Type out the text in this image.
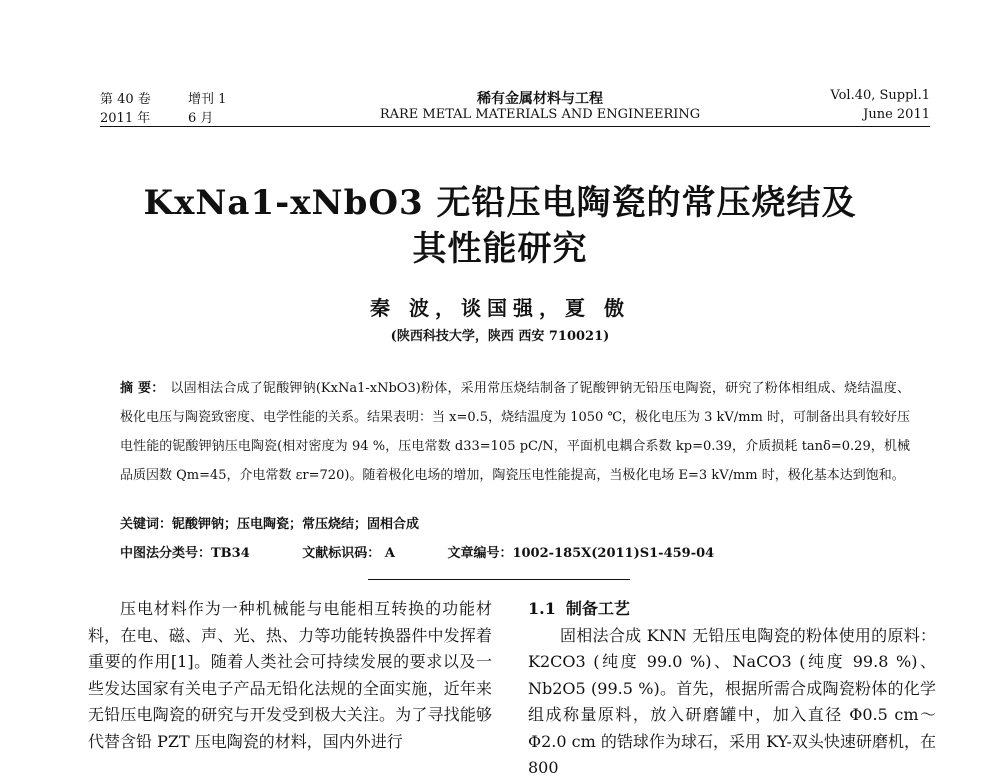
第 40 卷	增刊 1
2011 年	6 月
稀有金属材料与工程
RARE METAL MATERIALS AND ENGINEERING
Vol.40, Suppl.1
June 2011
KxNa1-xNbO3 无铅压电陶瓷的常压烧结及
其性能研究
秦 波，谈国强，夏 傲
(陕西科技大学，陕西 西安 710021)
摘 要： 以固相法合成了铌酸钾钠(KxNa1-xNbO3)粉体，采用常压烧结制备了铌酸钾钠无铅压电陶瓷，研究了粉体相组成、烧结温度、极化电压与陶瓷致密度、电学性能的关系。结果表明：当 x=0.5，烧结温度为 1050 ℃，极化电压为 3 kV/mm 时，可制备出具有较好压电性能的铌酸钾钠压电陶瓷(相对密度为 94 %，压电常数 d33=105 pC/N，平面机电耦合系数 kp=0.39，介质损耗 tanδ=0.29，机械品质因数 Qm=45，介电常数 εr=720)。随着极化电场的增加，陶瓷压电性能提高，当极化电场 E=3 kV/mm 时，极化基本达到饱和。
关键词：铌酸钾钠；压电陶瓷；常压烧结；固相合成
中图法分类号：TB34	文献标识码： A	文章编号：1002-185X(2011)S1-459-04
压电材料作为一种机械能与电能相互转换的功能材料，在电、磁、声、光、热、力等功能转换器件中发挥着重要的作用[1]。随着人类社会可持续发展的要求以及一些发达国家有关电子产品无铅化法规的全面实施，近年来无铅压电陶瓷的研究与开发受到极大关注。为了寻找能够代替含铅 PZT 压电陶瓷的材料，国内外进行
1.1 制备工艺
固相法合成 KNN 无铅压电陶瓷的粉体使用的原料：K2CO3 (纯度 99.0 %)、NaCO3 (纯度 99.8 %)、Nb2O5 (99.5 %)。首先，根据所需合成陶瓷粉体的化学组成称量原料，放入研磨罐中，加入直径 Φ0.5 cm～Φ2.0 cm 的锆球作为球石，采用 KY-双头快速研磨机，在 800
